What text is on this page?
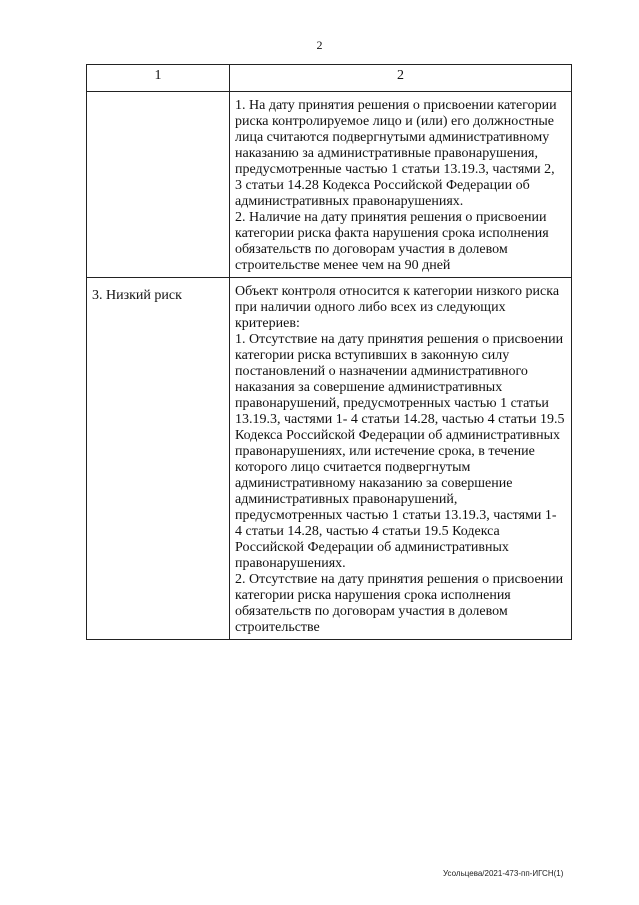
2
1	2

	1. На дату принятия решения о присвоении категории риска контролируемое лицо и (или) его должностные лица считаются подвергнутыми административному наказанию за административные правонарушения, предусмотренные частью 1 статьи 13.19.3, частями 2, 3 статьи 14.28 Кодекса Российской Федерации об административных правонарушениях.
2. Наличие на дату принятия решения о присвоении категории риска факта нарушения срока исполнения обязательств по договорам участия в долевом строительстве менее чем на 90 дней

3. Низкий риск	Объект контроля относится к категории низкого риска при наличии одного либо всех из следующих критериев:
1. Отсутствие на дату принятия решения о присвоении категории риска вступивших в законную силу постановлений о назначении административного наказания за совершение административных правонарушений, предусмотренных частью 1 статьи 13.19.3, частями 1- 4 статьи 14.28, частью 4 статьи 19.5 Кодекса Российской Федерации об административных правонарушениях, или истечение срока, в течение которого лицо считается подвергнутым административному наказанию за совершение административных правонарушений, предусмотренных частью 1 статьи 13.19.3, частями 1- 4 статьи 14.28, частью 4 статьи 19.5 Кодекса Российской Федерации об административных правонарушениях.
2. Отсутствие на дату принятия решения о присвоении категории риска нарушения срока исполнения обязательств по договорам участия в долевом строительстве
Усольцева/2021-473-пп-ИГСН(1)
